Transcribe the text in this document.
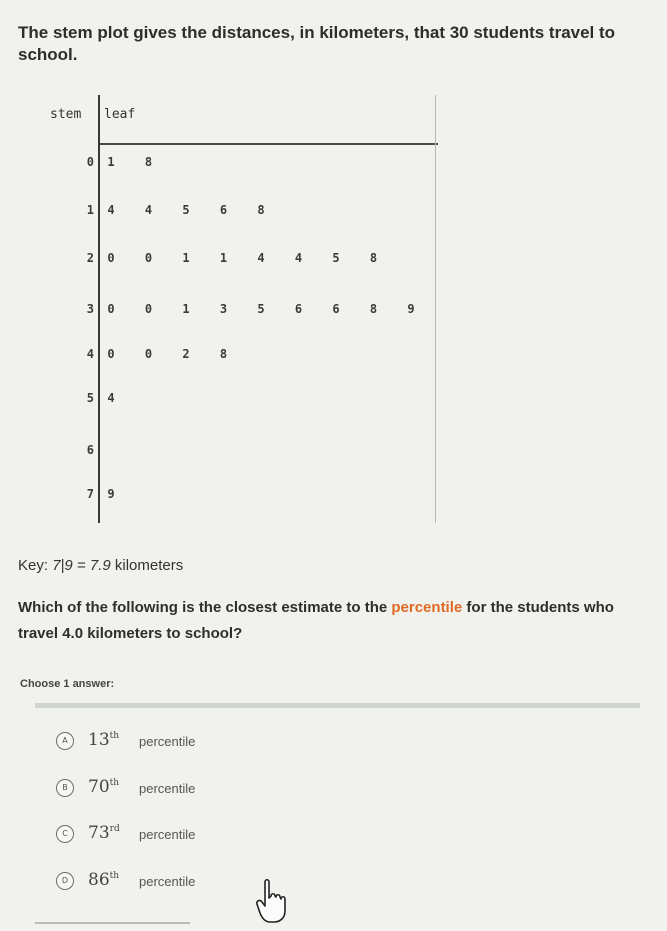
The stem plot gives the distances, in kilometers, that 30 students travel to school.
stem leaf
0 1	8
1 4	4	5	6	8
2 0	0	1	1	4	4	5	8
3 0	0	1	3	5	6	6	8	9
4 0	0	2	8
5 4
6
7 9
Key: 7|9 = 7.9 kilometers
Which of the following is the closest estimate to the percentile for the students who travel 4.0 kilometers to school?
Choose 1 answer:
A	13th percentile
B	70th percentile
C	73rd percentile
D	86th percentile
